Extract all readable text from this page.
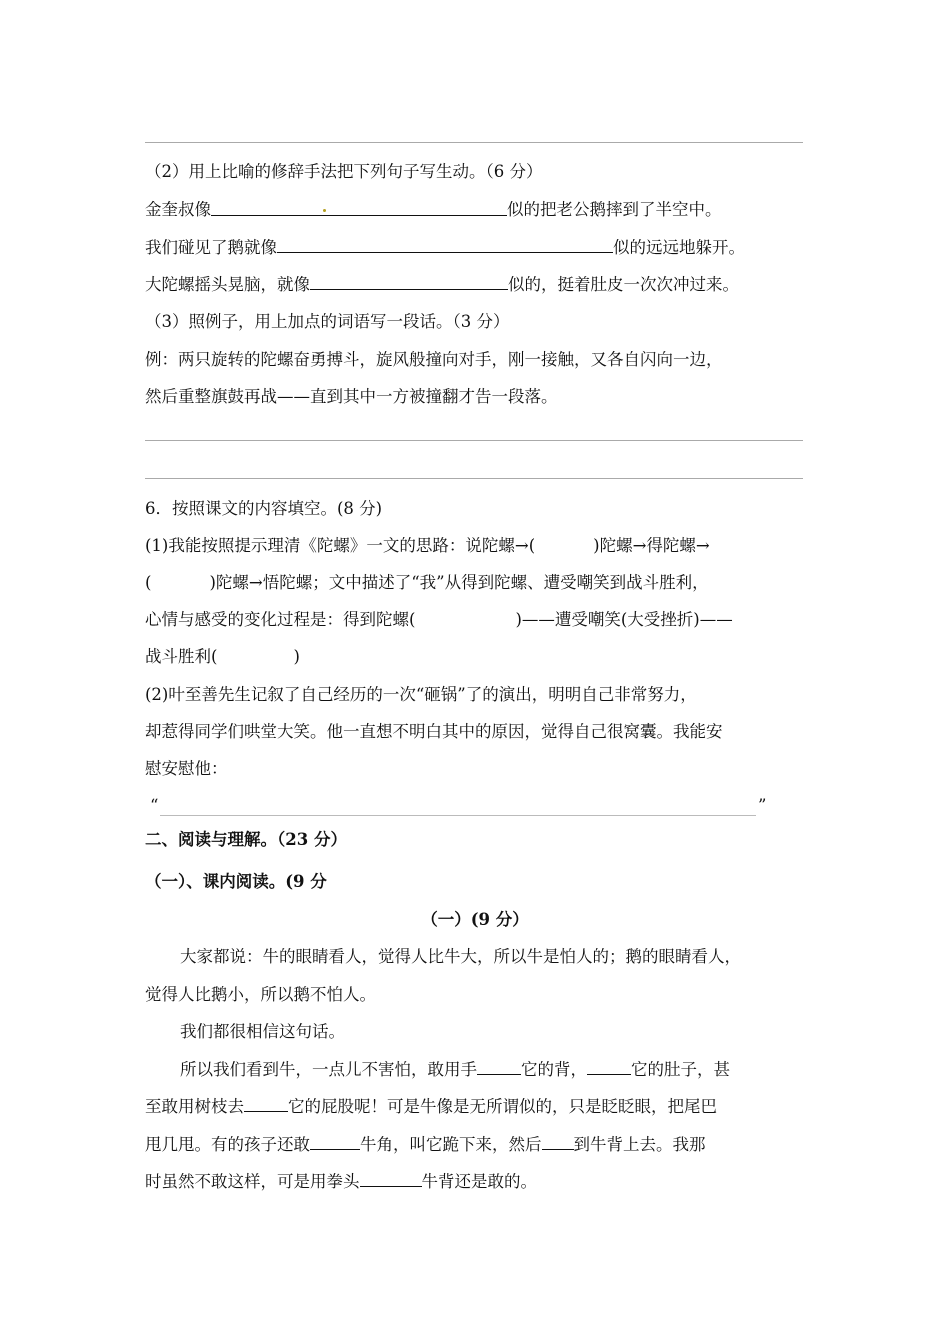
（2）用上比喻的修辞手法把下列句子写生动。（6 分）
金奎叔像	似的把老公鹅摔到了半空中。
我们碰见了鹅就像	似的远远地躲开。
大陀螺摇头晃脑，就像	似的，挺着肚皮一次次冲过来。
（3）照例子，用上加点的词语写一段话。（3 分）
例：两只旋转的陀螺奋勇搏斗，旋风般撞向对手，刚一接触，又各自闪向一边，
然后重整旗鼓再战——直到其中一方被撞翻才告一段落。
6．按照课文的内容填空。(8 分)
(1)我能按照提示理清《陀螺》一文的思路：说陀螺→(	)陀螺→得陀螺→
(	)陀螺→悟陀螺；文中描述了“我”从得到陀螺、遭受嘲笑到战斗胜利，
心情与感受的变化过程是：得到陀螺(	)——遭受嘲笑(大受挫折)——
战斗胜利(	)
(2)叶至善先生记叙了自己经历的一次“砸锅”了的演出，明明自己非常努力，
却惹得同学们哄堂大笑。他一直想不明白其中的原因，觉得自己很窝囊。我能安
慰安慰他：
“	”
二、阅读与理解。（23 分）
（一）、课内阅读。(9 分
（一）(9 分）
大家都说：牛的眼睛看人，觉得人比牛大，所以牛是怕人的；鹅的眼睛看人，
觉得人比鹅小，所以鹅不怕人。
我们都很相信这句话。
所以我们看到牛，一点儿不害怕，敢用手	它的背，	它的肚子，甚
至敢用树枝去	它的屁股呢！可是牛像是无所谓似的，只是眨眨眼，把尾巴
甩几甩。有的孩子还敢	牛角，叫它跪下来，然后 到牛背上去。我那
时虽然不敢这样，可是用拳头	牛背还是敢的。
